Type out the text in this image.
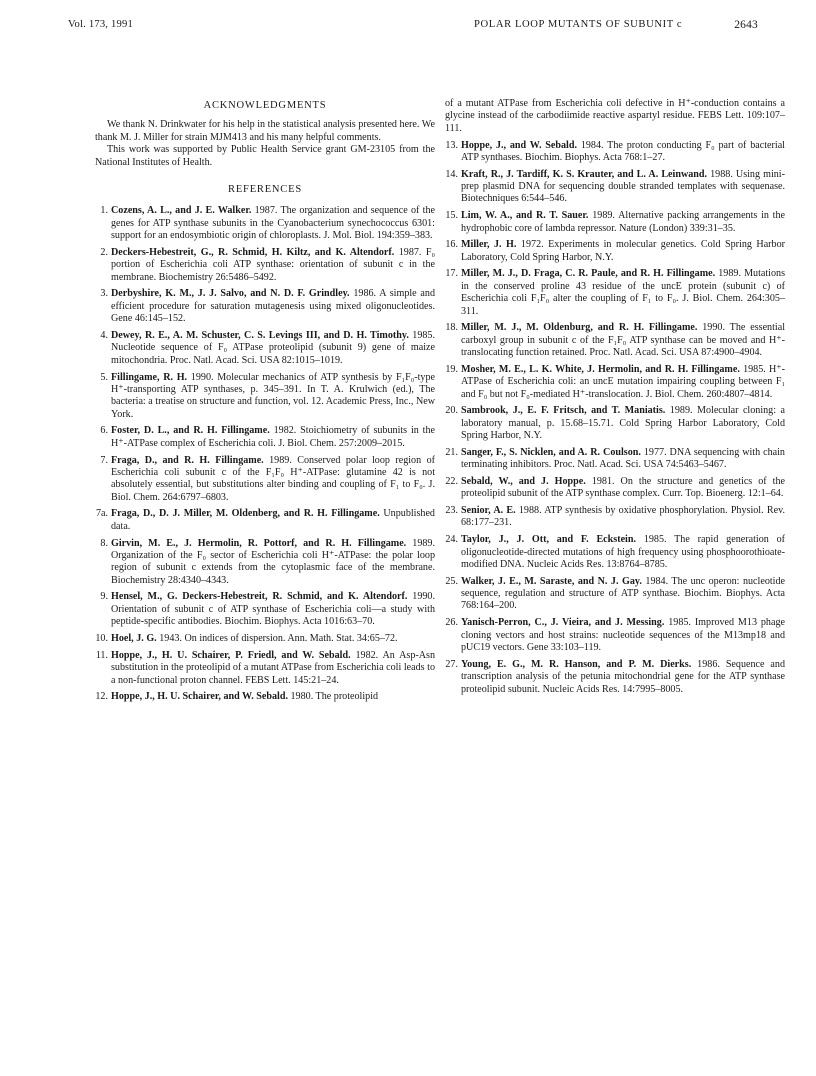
Vol. 173, 1991	POLAR LOOP MUTANTS OF SUBUNIT c	2643
ACKNOWLEDGMENTS

We thank N. Drinkwater for his help in the statistical analysis presented here. We thank M. J. Miller for strain MJM413 and his many helpful comments.

This work was supported by Public Health Service grant GM-23105 from the National Institutes of Health.

REFERENCES
1. Cozens, A. L., and J. E. Walker. 1987. The organization and sequence of the genes for ATP synthase subunits in the Cyanobacterium synechococcus 6301: support for an endosymbiotic origin of chloroplasts. J. Mol. Biol. 194:359–383.
2. Deckers-Hebestreit, G., R. Schmid, H. Kiltz, and K. Altendorf. 1987. F₀ portion of Escherichia coli ATP synthase: orientation of subunit c in the membrane. Biochemistry 26:5486–5492.
3. Derbyshire, K. M., J. J. Salvo, and N. D. F. Grindley. 1986. A simple and efficient procedure for saturation mutagenesis using mixed oligonucleotides. Gene 46:145–152.
4. Dewey, R. E., A. M. Schuster, C. S. Levings III, and D. H. Timothy. 1985. Nucleotide sequence of F₀ ATPase proteolipid (subunit 9) gene of maize mitochondria. Proc. Natl. Acad. Sci. USA 82:1015–1019.
5. Fillingame, R. H. 1990. Molecular mechanics of ATP synthesis by F₁F₀-type H⁺-transporting ATP synthases, p. 345–391. In T. A. Krulwich (ed.), The bacteria: a treatise on structure and function, vol. 12. Academic Press, Inc., New York.
6. Foster, D. L., and R. H. Fillingame. 1982. Stoichiometry of subunits in the H⁺-ATPase complex of Escherichia coli. J. Biol. Chem. 257:2009–2015.
7. Fraga, D., and R. H. Fillingame. 1989. Conserved polar loop region of Escherichia coli subunit c of the F₁F₀ H⁺-ATPase: glutamine 42 is not absolutely essential, but substitutions alter binding and coupling of F₁ to F₀. J. Biol. Chem. 264:6797–6803.
7a. Fraga, D., D. J. Miller, M. Oldenberg, and R. H. Fillingame. Unpublished data.
8. Girvin, M. E., J. Hermolin, R. Pottorf, and R. H. Fillingame. 1989. Organization of the F₀ sector of Escherichia coli H⁺-ATPase: the polar loop region of subunit c extends from the cytoplasmic face of the membrane. Biochemistry 28:4340–4343.
9. Hensel, M., G. Deckers-Hebestreit, R. Schmid, and K. Altendorf. 1990. Orientation of subunit c of ATP synthase of Escherichia coli—a study with peptide-specific antibodies. Biochim. Biophys. Acta 1016:63–70.
10. Hoel, J. G. 1943. On indices of dispersion. Ann. Math. Stat. 34:65–72.
11. Hoppe, J., H. U. Schairer, P. Friedl, and W. Sebald. 1982. An Asp-Asn substitution in the proteolipid of a mutant ATPase from Escherichia coli leads to a non-functional proton channel. FEBS Lett. 145:21–24.
12. Hoppe, J., H. U. Schairer, and W. Sebald. 1980. The proteolipid
of a mutant ATPase from Escherichia coli defective in H⁺-conduction contains a glycine instead of the carbodiimide reactive aspartyl residue. FEBS Lett. 109:107–111.
13. Hoppe, J., and W. Sebald. 1984. The proton conducting F₀ part of bacterial ATP synthases. Biochim. Biophys. Acta 768:1–27.
14. Kraft, R., J. Tardiff, K. S. Krauter, and L. A. Leinwand. 1988. Using mini-prep plasmid DNA for sequencing double stranded templates with sequenase. Biotechniques 6:544–546.
15. Lim, W. A., and R. T. Sauer. 1989. Alternative packing arrangements in the hydrophobic core of lambda repressor. Nature (London) 339:31–35.
16. Miller, J. H. 1972. Experiments in molecular genetics. Cold Spring Harbor Laboratory, Cold Spring Harbor, N.Y.
17. Miller, M. J., D. Fraga, C. R. Paule, and R. H. Fillingame. 1989. Mutations in the conserved proline 43 residue of the uncE protein (subunit c) of Escherichia coli F₁F₀ alter the coupling of F₁ to F₀. J. Biol. Chem. 264:305–311.
18. Miller, M. J., M. Oldenburg, and R. H. Fillingame. 1990. The essential carboxyl group in subunit c of the F₁F₀ ATP synthase can be moved and H⁺-translocating function retained. Proc. Natl. Acad. Sci. USA 87:4900–4904.
19. Mosher, M. E., L. K. White, J. Hermolin, and R. H. Fillingame. 1985. H⁺-ATPase of Escherichia coli: an uncE mutation impairing coupling between F₁ and F₀ but not F₀-mediated H⁺-translocation. J. Biol. Chem. 260:4807–4814.
20. Sambrook, J., E. F. Fritsch, and T. Maniatis. 1989. Molecular cloning: a laboratory manual, p. 15.68–15.71. Cold Spring Harbor Laboratory, Cold Spring Harbor, N.Y.
21. Sanger, F., S. Nicklen, and A. R. Coulson. 1977. DNA sequencing with chain terminating inhibitors. Proc. Natl. Acad. Sci. USA 74:5463–5467.
22. Sebald, W., and J. Hoppe. 1981. On the structure and genetics of the proteolipid subunit of the ATP synthase complex. Curr. Top. Bioenerg. 12:1–64.
23. Senior, A. E. 1988. ATP synthesis by oxidative phosphorylation. Physiol. Rev. 68:177–231.
24. Taylor, J., J. Ott, and F. Eckstein. 1985. The rapid generation of oligonucleotide-directed mutations of high frequency using phosphoorothioate-modified DNA. Nucleic Acids Res. 13:8764–8785.
25. Walker, J. E., M. Saraste, and N. J. Gay. 1984. The unc operon: nucleotide sequence, regulation and structure of ATP synthase. Biochim. Biophys. Acta 768:164–200.
26. Yanisch-Perron, C., J. Vieira, and J. Messing. 1985. Improved M13 phage cloning vectors and host strains: nucleotide sequences of the M13mp18 and pUC19 vectors. Gene 33:103–119.
27. Young, E. G., M. R. Hanson, and P. M. Dierks. 1986. Sequence and transcription analysis of the petunia mitochondrial gene for the ATP synthase proteolipid subunit. Nucleic Acids Res. 14:7995–8005.
